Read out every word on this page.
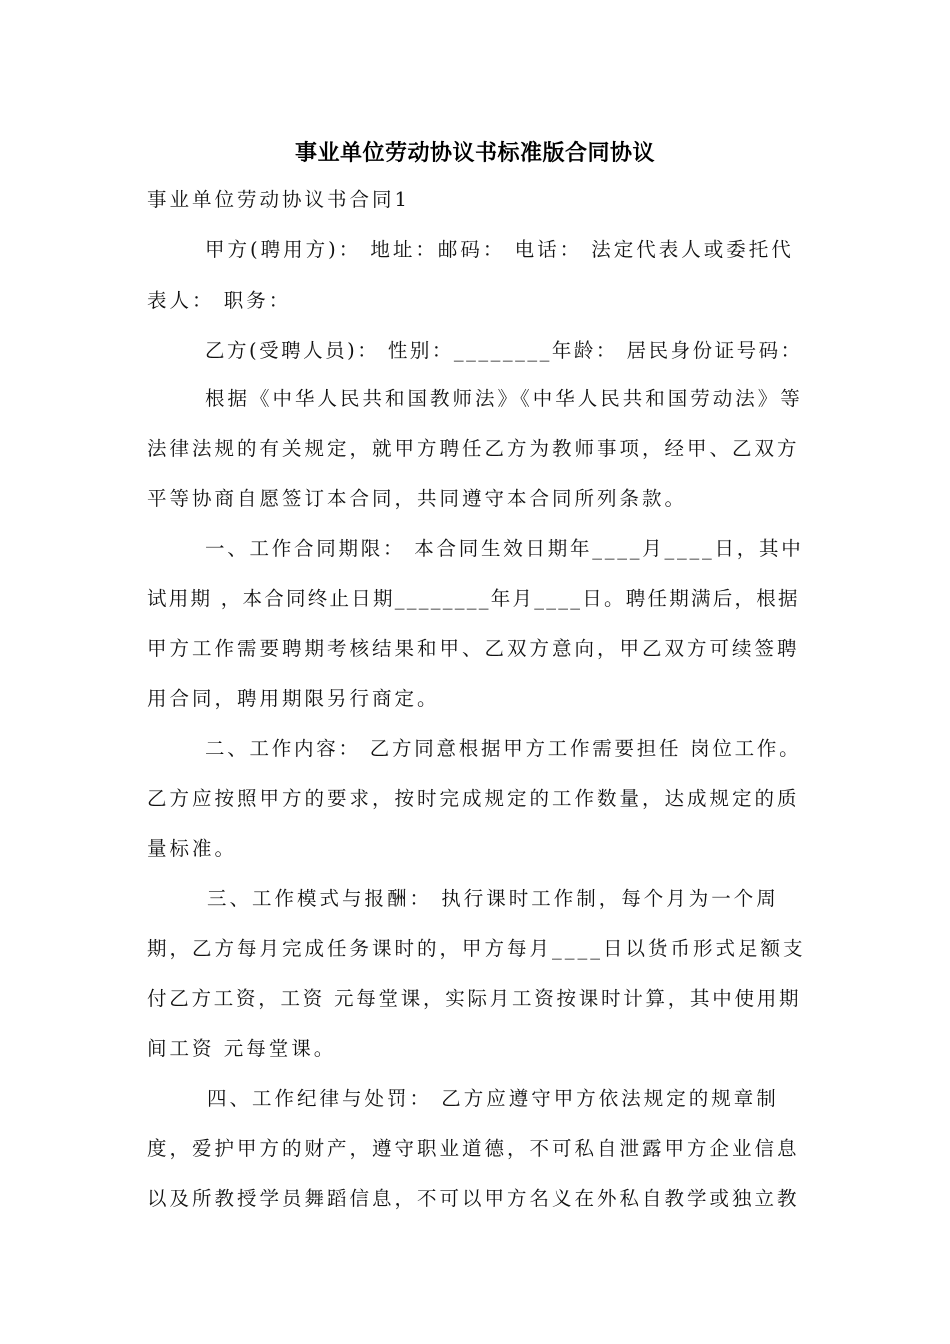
事业单位劳动协议书标准版合同协议
事业单位劳动协议书合同1
甲方(聘用方)： 地址：邮码： 电话： 法定代表人或委托代
表人： 职务：
乙方(受聘人员)： 性别：________年龄： 居民身份证号码：
根据《中华人民共和国教师法》《中华人民共和国劳动法》等
法律法规的有关规定，就甲方聘任乙方为教师事项，经甲、乙双方
平等协商自愿签订本合同，共同遵守本合同所列条款。
一、工作合同期限： 本合同生效日期年____月____日，其中
试用期 ，本合同终止日期________年月____日。聘任期满后，根据
甲方工作需要聘期考核结果和甲、乙双方意向，甲乙双方可续签聘
用合同，聘用期限另行商定。
二、工作内容： 乙方同意根据甲方工作需要担任 岗位工作。
乙方应按照甲方的要求，按时完成规定的工作数量，达成规定的质
量标准。
三、工作模式与报酬： 执行课时工作制，每个月为一个周
期，乙方每月完成任务课时的，甲方每月____日以货币形式足额支
付乙方工资，工资 元每堂课，实际月工资按课时计算，其中使用期
间工资 元每堂课。
四、工作纪律与处罚： 乙方应遵守甲方依法规定的规章制
度，爱护甲方的财产，遵守职业道德，不可私自泄露甲方企业信息
以及所教授学员舞蹈信息，不可以甲方名义在外私自教学或独立教
